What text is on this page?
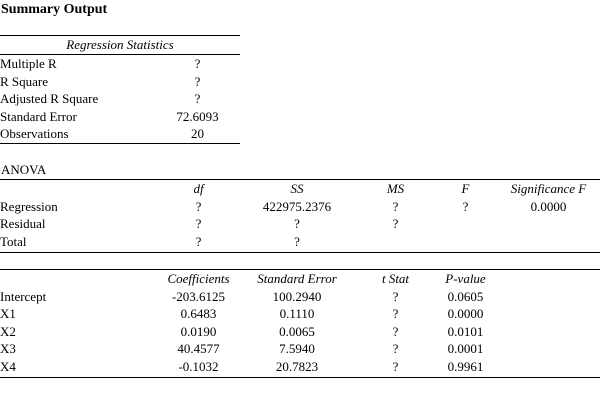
Summary Output
Regression Statistics
Multiple R	?
R Square	?
Adjusted R Square	?
Standard Error	72.6093
Observations	20
ANOVA
	df	SS	MS	F	Significance F
Regression	?	422975.2376	?	?	0.0000
Residual	?	?	?		
Total	?	?			
	Coefficients	Standard Error	t Stat	P-value	
Intercept	-203.6125	100.2940	?	0.0605	
X1	0.6483	0.1110	?	0.0000	
X2	0.0190	0.0065	?	0.0101	
X3	40.4577	7.5940	?	0.0001	
X4	-0.1032	20.7823	?	0.9961	
